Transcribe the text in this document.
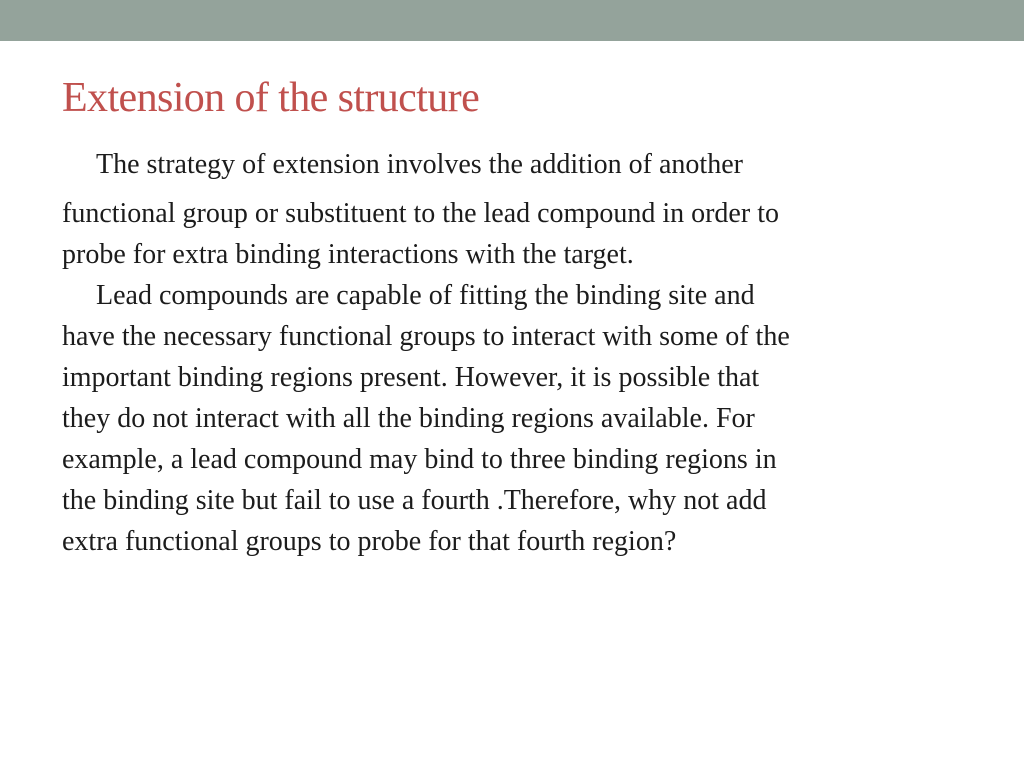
Extension of the structure
The strategy of extension involves the addition of another
functional group or substituent to the lead compound in order to
probe for extra binding interactions with the target.
Lead compounds are capable of fitting the binding site and
have the necessary functional groups to interact with some of the
important binding regions present. However, it is possible that
they do not interact with all the binding regions available. For
example, a lead compound may bind to three binding regions in
the binding site but fail to use a fourth .Therefore, why not add
extra functional groups to probe for that fourth region?
